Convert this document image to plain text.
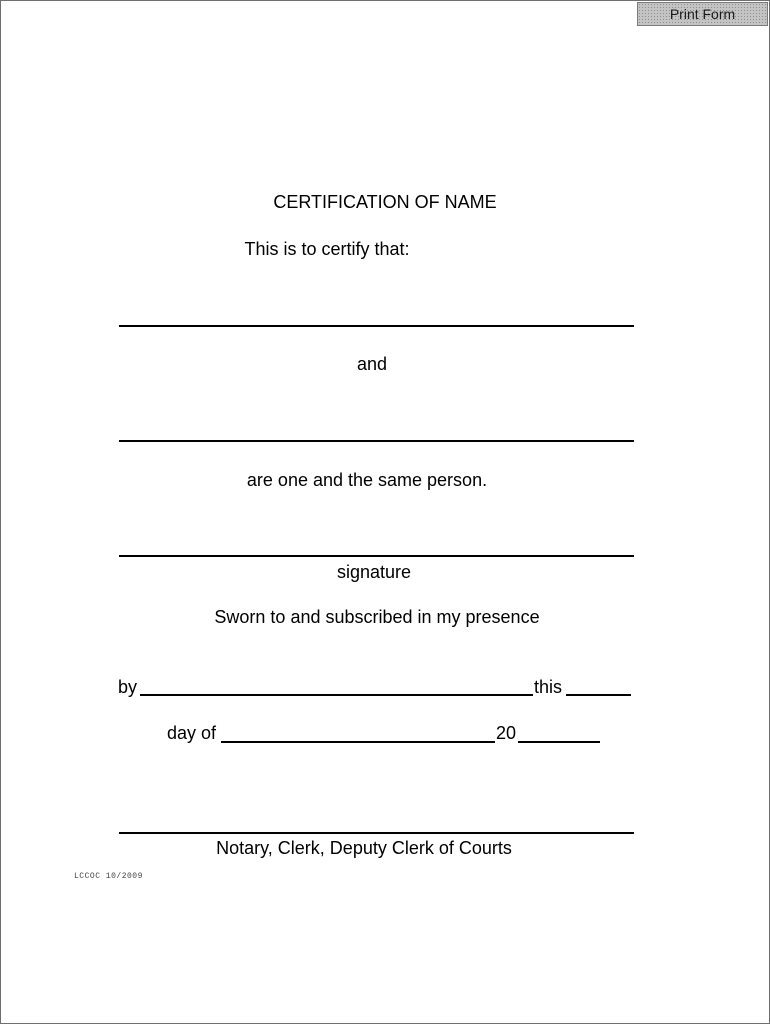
Print Form
CERTIFICATION OF NAME
This is to certify that:
and
are one and the same person.
signature
Sworn to and subscribed in my presence
by	this
day of	20
Notary, Clerk, Deputy Clerk of Courts
LCCOC 10/2009
